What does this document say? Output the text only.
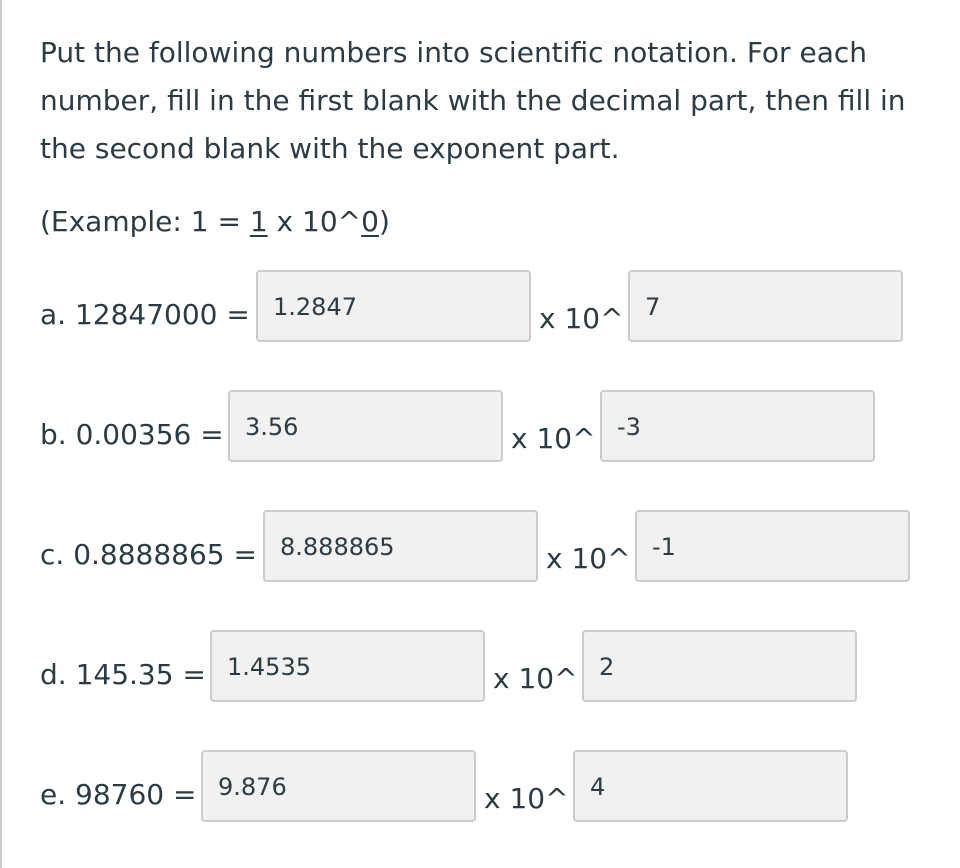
Put the following numbers into scientific notation. For each number, fill in the first blank with the decimal part, then fill in the second blank with the exponent part.

(Example: 1 = 1 x 10^0)

a. 12847000 = 1.2847	x 10^ 7
b. 0.00356 = 3.56	x 10^ -3
c. 0.8888865 = 8.888865	x 10^ -1
d. 145.35 = 1.4535	x 10^ 2
e. 98760 = 9.876	x 10^ 4
